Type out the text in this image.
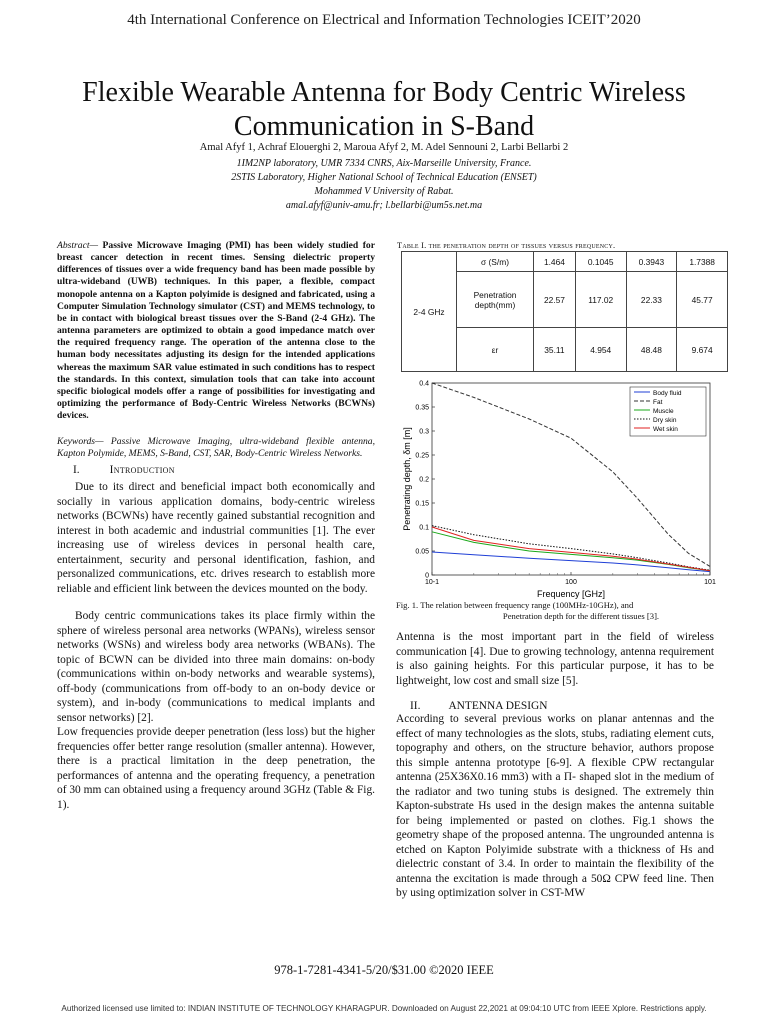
4th International Conference on Electrical and Information Technologies ICEIT’2020
Flexible Wearable Antenna for Body Centric Wireless
Communication in S-Band
Amal Afyf 1, Achraf Elouerghi 2, Maroua Afyf 2, M. Adel Sennouni 2, Larbi Bellarbi 2
1IM2NP laboratory, UMR 7334 CNRS, Aix-Marseille University, France.
2STIS Laboratory, Higher National School of Technical Education (ENSET)
Mohammed V University of Rabat.
amal.afyf@univ-amu.fr; l.bellarbi@um5s.net.ma
Abstract— Passive Microwave Imaging (PMI) has been widely studied for breast cancer detection in recent times. Sensing dielectric property differences of tissues over a wide frequency band has been made possible by ultra-wideband (UWB) techniques. In this paper, a flexible, compact monopole antenna on a Kapton polyimide is designed and fabricated, using a Computer Simulation Technology simulator (CST) and MEMS technology, to be in contact with biological breast tissues over the S-Band (2-4 GHz). The antenna parameters are optimized to obtain a good impedance match over the required frequency range. The operation of the antenna close to the human body necessitates adjusting its design for the intended applications whereas the maximum SAR value estimated in such conditions has to respect the standards. In this context, simulation tools that can take into account specific biological models offer a range of possibilities for investigating and optimizing the performance of Body-Centric Wireless Networks (BCWNs) devices.
Keywords— Passive Microwave Imaging, ultra-wideband flexible antenna, Kapton Polymide, MEMS, S-Band, CST, SAR, Body-Centric Wireless Networks.
I.	Introduction

Due to its direct and beneficial impact both economically and socially in various application domains, body-centric wireless networks (BCWNs) have recently gained substantial recognition and interest in both academic and industrial communities [1]. The ever increasing use of wireless devices in personal health care, entertainment, security and personal identification, fashion, and personalized communications, etc. drives research to establish more reliable and efficient link between the devices mounted on the body.

Body centric communications takes its place firmly within the sphere of wireless personal area networks (WPANs), wireless sensor networks (WSNs) and wireless body area networks (WBANs). The topic of BCWN can be divided into three main domains: on-body (communications within on-body networks and wearable systems), off-body (communications from off-body to an on-body device or system), and in-body (communications to medical implants and sensor networks) [2].

Low frequencies provide deeper penetration (less loss) but the higher frequencies offer better range resolution (smaller antenna). However, there is a practical limitation in the deep penetration, the performances of antenna and the operating frequency, a penetration of 30 mm can obtained using a frequency around 3GHz (Table & Fig. 1).

Table I. the penetration depth of tissues versus frequency.
2-4 GHz	σ (S/m)	1.464	0.1045	0.3943	1.7388
	Penetration depth(mm)	22.57	117.02	22.33	45.77
	εr	35.11	4.954	48.48	9.674
0
0.05
0.1
0.15
0.2
0.25
0.3
0.35
0.4
10-1	100	101
Frequency [GHz]
Penetrating depth, δm [m]
Body fluid
Fat
Muscle
Dry skin
Wet skin
Fig. 1. The relation between frequency range (100MHz-10GHz), and
Penetration depth for the different tissues [3].
Antenna is the most important part in the field of wireless communication [4]. Due to growing technology, antenna requirement is also gaining heights. For this particular purpose, it has to be lightweight, low cost and small size [5].
II. ANTENNA DESIGN
According to several previous works on planar antennas and the effect of many technologies as the slots, stubs, radiating element cuts, topography and others, on the structure behavior, authors propose this simple antenna prototype [6-9]. A flexible CPW rectangular antenna (25X36X0.16 mm3) with a Π- shaped slot in the medium of the radiator and two tuning stubs is designed. The extremely thin Kapton-substrate Hs used in the design makes the antenna suitable for being implemented or pasted on clothes. Fig.1 shows the geometry shape of the proposed antenna. The ungrounded antenna is etched on Kapton Polyimide substrate with a thickness of Hs and dielectric constant of 3.4. In order to maintain the flexibility of the antenna the excitation is made through a 50Ω CPW feed line. Then by using optimization solver in CST-MW
978-1-7281-4341-5/20/$31.00 ©2020 IEEE
Authorized licensed use limited to: INDIAN INSTITUTE OF TECHNOLOGY KHARAGPUR. Downloaded on August 22,2021 at 09:04:10 UTC from IEEE Xplore. Restrictions apply.
